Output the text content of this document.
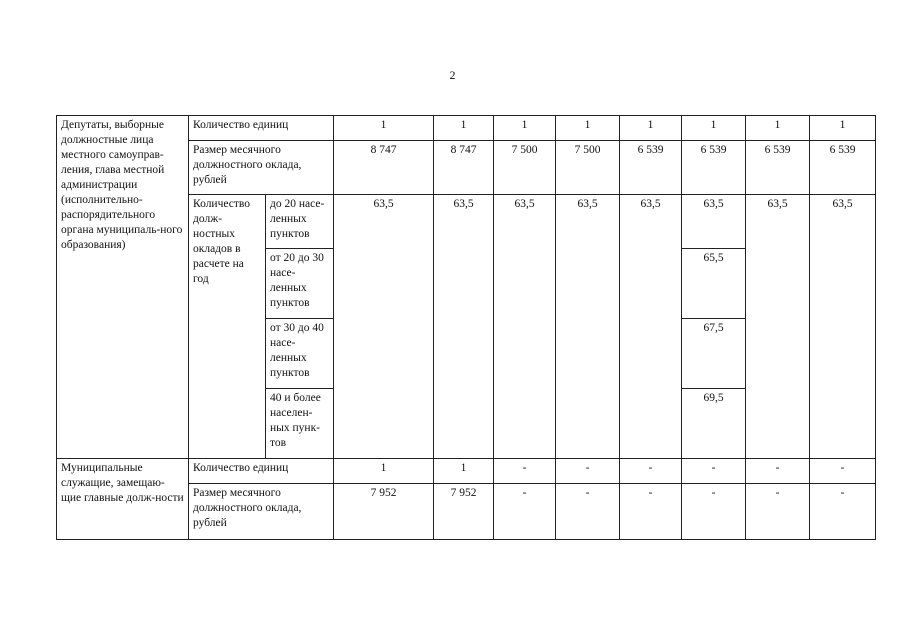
2
Депутаты, выборные должностные лица местного самоуправ-ления, глава местной администрации (исполнительно-распорядительного органа муниципаль-ного образования)	Количество единиц		1	1	1	1	1	1	1	1
	Размер месячного должностного оклада, рублей		8 747	8 747	7 500	7 500	6 539	6 539	6 539	6 539
	Количество долж-ностных окладов в расчете на год	до 20 насе-ленных пунктов	63,5	63,5	63,5	63,5	63,5	63,5	63,5	63,5
		от 20 до 30 насе-ленных пунктов						65,5		
		от 30 до 40 насе-ленных пунктов						67,5		
		40 и более населен-ных пунк-тов						69,5		
Муниципальные служащие, замещаю-щие главные долж-ности	Количество единиц		1	1	-	-	-	-	-	-
	Размер месячного должностного оклада, рублей		7 952	7 952	-	-	-	-	-	-
